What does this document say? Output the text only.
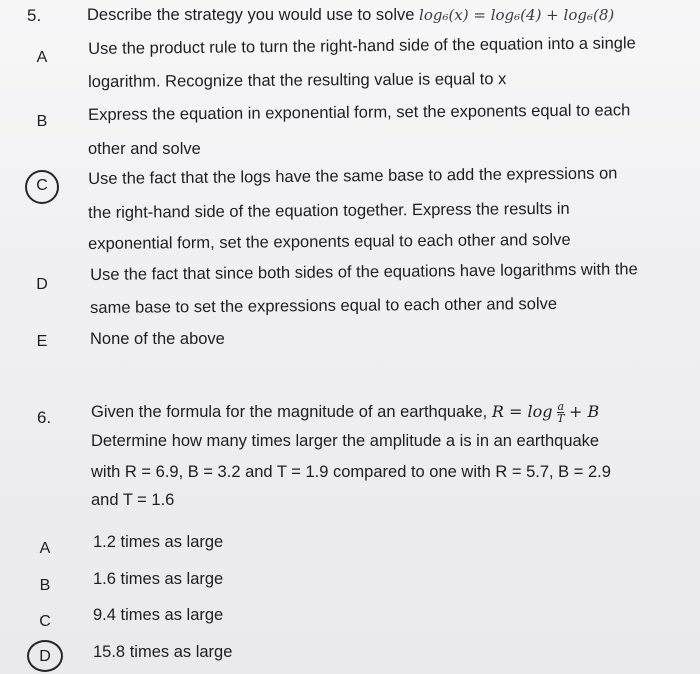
5.	Describe the strategy you would use to solve log₆(x) = log₆(4) + log₆(8)
A	Use the product rule to turn the right-hand side of the equation into a single
logarithm. Recognize that the resulting value is equal to x
B	Express the equation in exponential form, set the exponents equal to each
other and solve
C	Use the fact that the logs have the same base to add the expressions on
the right-hand side of the equation together. Express the results in
exponential form, set the exponents equal to each other and solve
D
Use the fact that since both sides of the equations have logarithms with the
same base to set the expressions equal to each other and solve
E	None of the above
6. Given the formula for the magnitude of an earthquake, $R = \log \frac{a}{T} + B$
Determine how many times larger the amplitude a is in an earthquake
with R = 6.9, B = 3.2 and T = 1.9 compared to one with R = 5.7, B = 2.9
and T = 1.6
A	1.2 times as large
B	1.6 times as large
C	9.4 times as large
D	15.8 times as large
